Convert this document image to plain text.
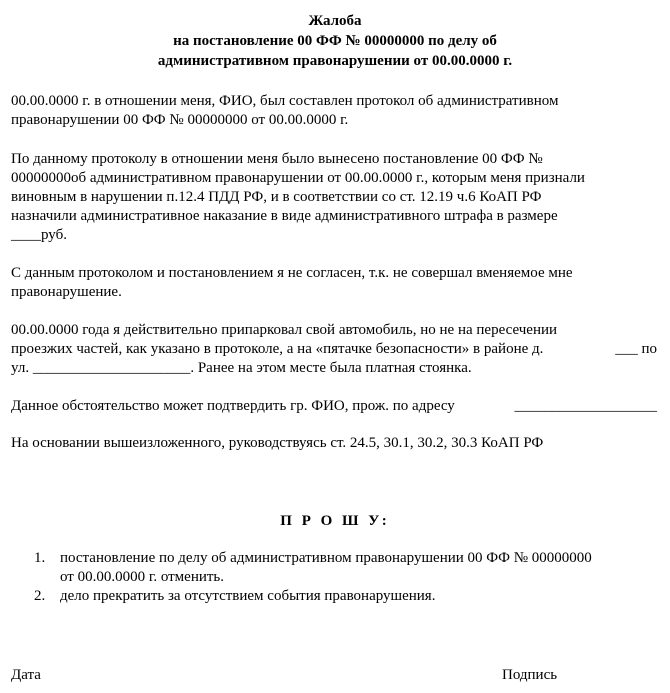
Жалоба
на постановление 00 ФФ № 00000000 по делу об
административном правонарушении от 00.00.0000 г.
00.00.0000 г. в отношении меня, ФИО, был составлен протокол об административном
правонарушении 00 ФФ № 00000000 от 00.00.0000 г.
По данному протоколу в отношении меня было вынесено постановление 00 ФФ №
00000000об административном правонарушении от 00.00.0000 г., которым меня признали
виновным в нарушении п.12.4 ПДД РФ, и в соответствии со ст. 12.19 ч.6 КоАП РФ
назначили административное наказание в виде административного штрафа в размере
____руб.
С данным протоколом и постановлением я не согласен, т.к. не совершал вменяемое мне
правонарушение.
00.00.0000 года я действительно припарковал свой автомобиль, но не на пересечении
проезжих частей, как указано в протоколе, а на «пятачке безопасности» в районе д.	___ по
ул. _____________________. Ранее на этом месте была платная стоянка.
Данное обстоятельство может подтвердить гр. ФИО, прож. по адресу	___________________
На основании вышеизложенного, руководствуясь ст. 24.5, 30.1, 30.2, 30.3 КоАП РФ
П Р О Ш У:
1. постановление по делу об административном правонарушении 00 ФФ № 00000000
от 00.00.0000 г. отменить.
2. дело прекратить за отсутствием события правонарушения.
Дата	Подпись
